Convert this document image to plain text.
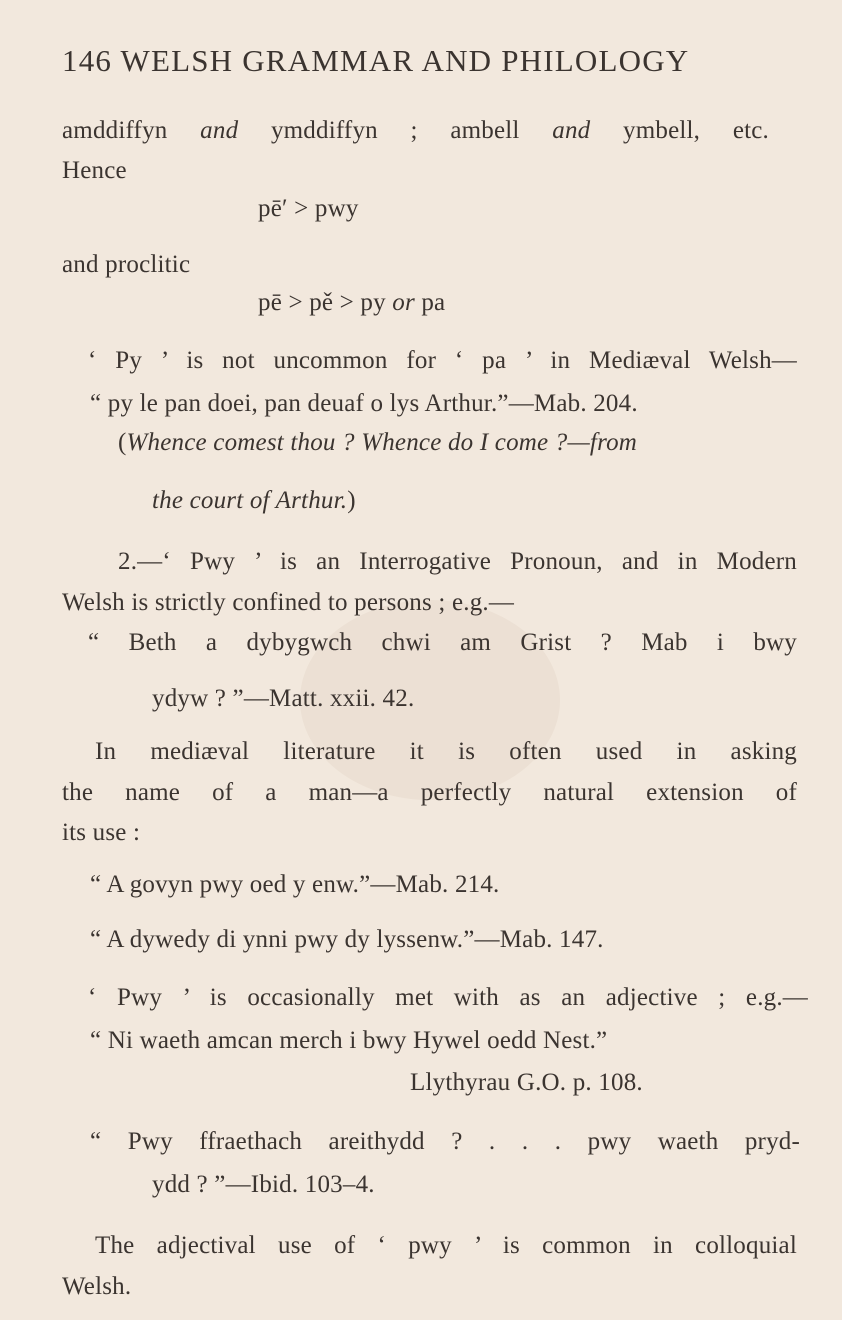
146 WELSH GRAMMAR AND PHILOLOGY
amddiffyn and ymddiffyn ; ambell and ymbell, etc.
Hence
pē′ > pwy
and proclitic
pē > pě > py or pa
‘ Py ’ is not uncommon for ‘ pa ’ in Mediæval Welsh—
“ py le pan doei, pan deuaf o lys Arthur.”—Mab. 204.
(Whence comest thou ? Whence do I come ?—from
the court of Arthur.)
2.—‘ Pwy ’ is an Interrogative Pronoun, and in Modern
Welsh is strictly confined to persons ; e.g.—
“ Beth a dybygwch chwi am Grist ? Mab i bwy
ydyw ? ”—Matt. xxii. 42.
In mediæval literature it is often used in asking
the name of a man—a perfectly natural extension of
its use :
“ A govyn pwy oed y enw.”—Mab. 214.
“ A dywedy di ynni pwy dy lyssenw.”—Mab. 147.
‘ Pwy ’ is occasionally met with as an adjective ; e.g.—
“ Ni waeth amcan merch i bwy Hywel oedd Nest.”
Llythyrau G.O. p. 108.
“ Pwy ffraethach areithydd ? . . . pwy waeth pryd-
ydd ? ”—Ibid. 103–4.
The adjectival use of ‘ pwy ’ is common in colloquial
Welsh.
